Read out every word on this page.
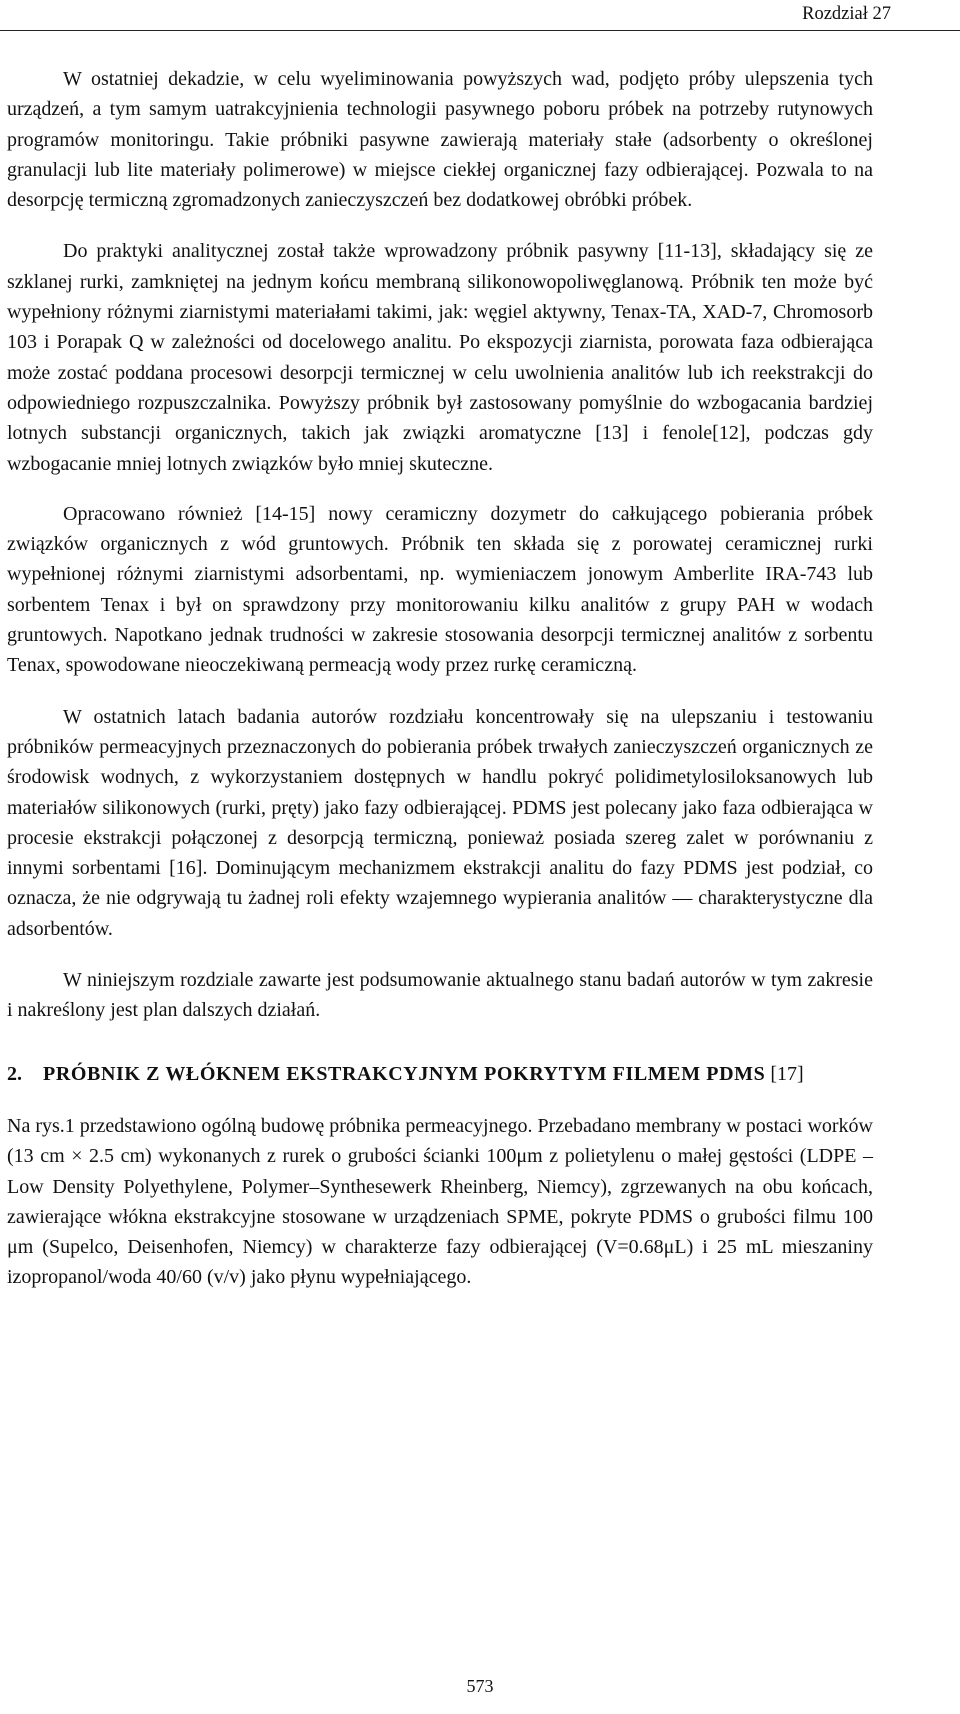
Rozdział 27

W ostatniej dekadzie, w celu wyeliminowania powyższych wad, podjęto próby ulepszenia tych urządzeń, a tym samym uatrakcyjnienia technologii pasywnego poboru próbek na potrzeby rutynowych programów monitoringu. Takie próbniki pasywne zawierają materiały stałe (adsorbenty o określonej granulacji lub lite materiały polimerowe) w miejsce ciekłej organicznej fazy odbierającej. Pozwala to na desorpcję termiczną zgromadzonych zanieczyszczeń bez dodatkowej obróbki próbek.

Do praktyki analitycznej został także wprowadzony próbnik pasywny [11-13], składający się ze szklanej rurki, zamkniętej na jednym końcu membraną silikonowopoliwęglanową. Próbnik ten może być wypełniony różnymi ziarnistymi materiałami takimi, jak: węgiel aktywny, Tenax-TA, XAD-7, Chromosorb 103 i Porapak Q w zależności od docelowego analitu. Po ekspozycji ziarnista, porowata faza odbierająca może zostać poddana procesowi desorpcji termicznej w celu uwolnienia analitów lub ich reekstrakcji do odpowiedniego rozpuszczalnika. Powyższy próbnik był zastosowany pomyślnie do wzbogacania bardziej lotnych substancji organicznych, takich jak związki aromatyczne [13] i fenole[12], podczas gdy wzbogacanie mniej lotnych związków było mniej skuteczne.

Opracowano również [14-15] nowy ceramiczny dozymetr do całkującego pobierania próbek związków organicznych z wód gruntowych. Próbnik ten składa się z porowatej ceramicznej rurki wypełnionej różnymi ziarnistymi adsorbentami, np. wymieniaczem jonowym Amberlite IRA-743 lub sorbentem Tenax i był on sprawdzony przy monitorowaniu kilku analitów z grupy PAH w wodach gruntowych. Napotkano jednak trudności w zakresie stosowania desorpcji termicznej analitów z sorbentu Tenax, spowodowane nieoczekiwaną permeacją wody przez rurkę ceramiczną.

W ostatnich latach badania autorów rozdziału koncentrowały się na ulepszaniu i testowaniu próbników permeacyjnych przeznaczonych do pobierania próbek trwałych zanieczyszczeń organicznych ze środowisk wodnych, z wykorzystaniem dostępnych w handlu pokryć polidimetylosiloksanowych lub materiałów silikonowych (rurki, pręty) jako fazy odbierającej. PDMS jest polecany jako faza odbierająca w procesie ekstrakcji połączonej z desorpcją termiczną, ponieważ posiada szereg zalet w porównaniu z innymi sorbentami [16]. Dominującym mechanizmem ekstrakcji analitu do fazy PDMS jest podział, co oznacza, że nie odgrywają tu żadnej roli efekty wzajemnego wypierania analitów — charakterystyczne dla adsorbentów.

W niniejszym rozdziale zawarte jest podsumowanie aktualnego stanu badań autorów w tym zakresie i nakreślony jest plan dalszych działań.

2.	PRÓBNIK Z WŁÓKNEM EKSTRAKCYJNYM POKRYTYM FILMEM PDMS [17]

Na rys.1 przedstawiono ogólną budowę próbnika permeacyjnego. Przebadano membrany w postaci worków (13 cm × 2.5 cm) wykonanych z rurek o grubości ścianki 100μm z polietylenu o małej gęstości (LDPE – Low Density Polyethylene, Polymer–Synthesewerk Rheinberg, Niemcy), zgrzewanych na obu końcach, zawierające włókna ekstrakcyjne stosowane w urządzeniach SPME, pokryte PDMS o grubości filmu 100 μm (Supelco, Deisenhofen, Niemcy) w charakterze fazy odbierającej (V=0.68μL) i 25 mL mieszaniny izopropanol/woda 40/60 (v/v) jako płynu wypełniającego.

573
